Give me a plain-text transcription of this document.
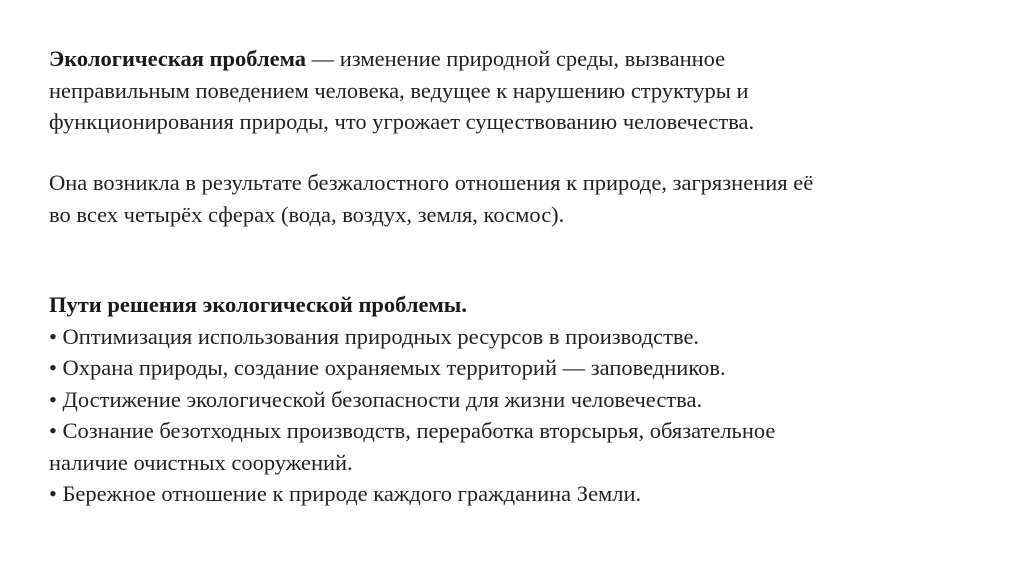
Экологическая проблема — изменение природной среды, вызванное

неправильным поведением человека, ведущее к нарушению структуры и

функционирования природы, что угрожает существованию человечества.

Она возникла в результате безжалостного отношения к природе, загрязнения её

во всех четырёх сферах (вода, воздух, земля, космос).

Пути решения экологической проблемы.

• Оптимизация использования природных ресурсов в производстве.

• Охрана природы, создание охраняемых территорий — заповедников.

• Достижение экологической безопасности для жизни человечества.

• Сознание безотходных производств, переработка вторсырья, обязательное

наличие очистных сооружений.

• Бережное отношение к природе каждого гражданина Земли.
